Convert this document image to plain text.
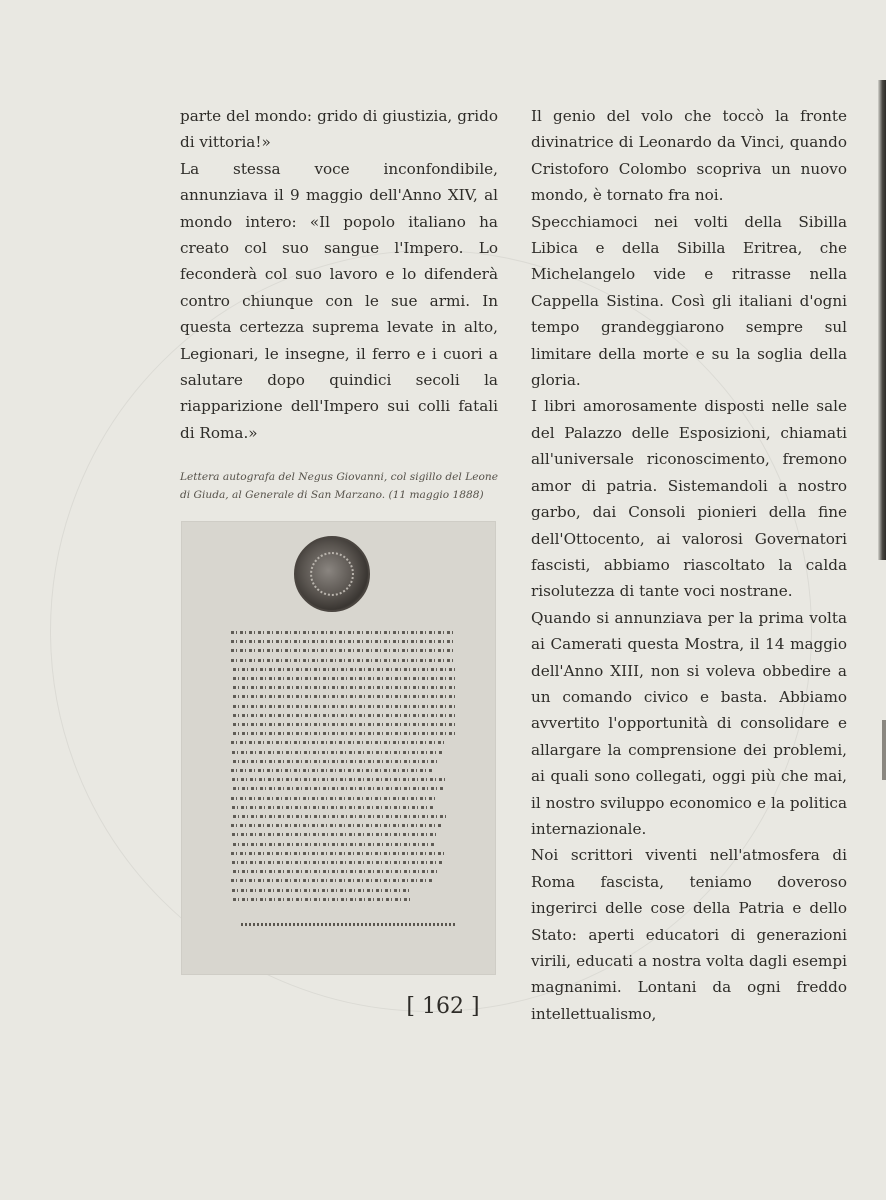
parte del mondo: grido di giustizia, grido di vittoria!»

La stessa voce inconfondibile, annunziava il 9 maggio dell'Anno XIV, al mondo intero: «Il popolo italiano ha creato col suo sangue l'Impero. Lo feconderà col suo lavoro e lo difenderà contro chiunque con le sue armi. In questa certezza suprema levate in alto, Legionari, le insegne, il ferro e i cuori a salutare dopo quindici secoli la riapparizione dell'Impero sui colli fatali di Roma.»

Lettera autografa del Negus Giovanni, col sigillo del Leone di Giuda, al Generale di San Marzano. (11 maggio 1888)

Il genio del volo che toccò la fronte divinatrice di Leonardo da Vinci, quando Cristoforo Colombo scopriva un nuovo mondo, è tornato fra noi.

Specchiamoci nei volti della Sibilla Libica e della Sibilla Eritrea, che Michelangelo vide e ritrasse nella Cappella Sistina. Così gli italiani d'ogni tempo grandeggiarono sempre sul limitare della morte e su la soglia della gloria.

I libri amorosamente disposti nelle sale del Palazzo delle Esposizioni, chiamati all'universale riconoscimento, fremono amor di patria. Sistemandoli a nostro garbo, dai Consoli pionieri della fine dell'Ottocento, ai valorosi Governatori fascisti, abbiamo riascoltato la calda risolutezza di tante voci nostrane.

Quando si annunziava per la prima volta ai Camerati questa Mostra, il 14 maggio dell'Anno XIII, non si voleva obbedire a un comando civico e basta. Abbiamo avvertito l'opportunità di consolidare e allargare la comprensione dei problemi, ai quali sono collegati, oggi più che mai, il nostro sviluppo economico e la politica internazionale.

Noi scrittori viventi nell'atmosfera di Roma fascista, teniamo doveroso ingerirci delle cose della Patria e dello Stato: aperti educatori di generazioni virili, educati a nostra volta dagli esempi magnanimi. Lontani da ogni freddo intellettualismo,

[ 162 ]
